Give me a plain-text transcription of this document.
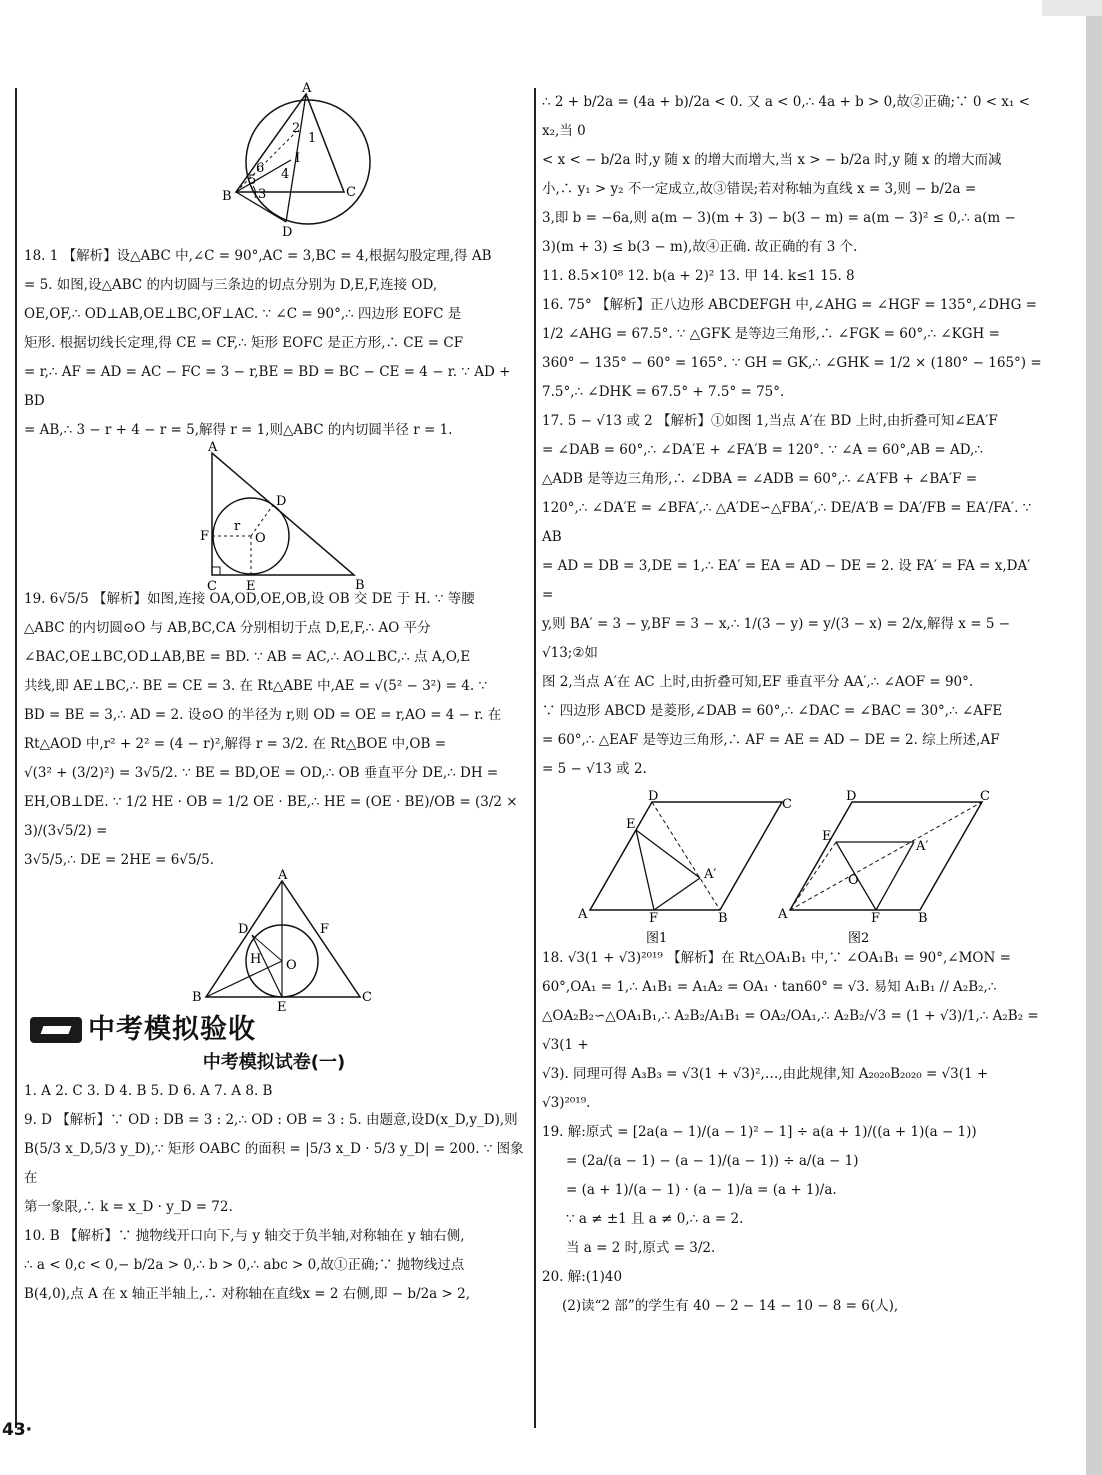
A
B	C
D
I
1
2
3
4
5
6

18. 1 【解析】设△ABC 中,∠C = 90°,AC = 3,BC = 4,根据勾股定理,得 AB

= 5. 如图,设△ABC 的内切圆与三条边的切点分别为 D,E,F,连接 OD,

OE,OF,∴ OD⊥AB,OE⊥BC,OF⊥AC. ∵ ∠C = 90°,∴ 四边形 EOFC 是

矩形. 根据切线长定理,得 CE = CF,∴ 矩形 EOFC 是正方形,∴ CE = CF

= r,∴ AF = AD = AC − FC = 3 − r,BE = BD = BC − CE = 4 − r. ∵ AD + BD

= AB,∴ 3 − r + 4 − r = 5,解得 r = 1,则△ABC 的内切圆半径 r = 1.

A
B
C
D
E
F	O
r

19. 6√5/5 【解析】如图,连接 OA,OD,OE,OB,设 OB 交 DE 于 H. ∵ 等腰

△ABC 的内切圆⊙O 与 AB,BC,CA 分别相切于点 D,E,F,∴ AO 平分

∠BAC,OE⊥BC,OD⊥AB,BE = BD. ∵ AB = AC,∴ AO⊥BC,∴ 点 A,O,E

共线,即 AE⊥BC,∴ BE = CE = 3. 在 Rt△ABE 中,AE = √(5² − 3²) = 4. ∵

BD = BE = 3,∴ AD = 2. 设⊙O 的半径为 r,则 OD = OE = r,AO = 4 − r. 在

Rt△AOD 中,r² + 2² = (4 − r)²,解得 r = 3/2. 在 Rt△BOE 中,OB =

√(3² + (3/2)²) = 3√5/2. ∵ BE = BD,OE = OD,∴ OB 垂直平分 DE,∴ DH =

EH,OB⊥DE. ∵ 1/2 HE · OB = 1/2 OE · BE,∴ HE = (OE · BE)/OB = (3/2 × 3)/(3√5/2) =

3√5/5,∴ DE = 2HE = 6√5/5.

A
B	C
D
E
F
H O
中考模拟验收

中考模拟试卷(一)

1. A 2. C 3. D 4. B 5. D 6. A 7. A 8. B

9. D 【解析】∵ OD : DB = 3 : 2,∴ OD : OB = 3 : 5. 由题意,设D(x_D,y_D),则

B(5/3 x_D,5/3 y_D),∵ 矩形 OABC 的面积 = |5/3 x_D · 5/3 y_D| = 200. ∵ 图象在

第一象限,∴ k = x_D · y_D = 72.

10. B 【解析】∵ 抛物线开口向下,与 y 轴交于负半轴,对称轴在 y 轴右侧,

∴ a < 0,c < 0,− b/2a > 0,∴ b > 0,∴ abc > 0,故①正确;∵ 抛物线过点

B(4,0),点 A 在 x 轴正半轴上,∴ 对称轴在直线x = 2 右侧,即 − b/2a > 2,

∴ 2 + b/2a = (4a + b)/2a < 0. 又 a < 0,∴ 4a + b > 0,故②正确;∵ 0 < x₁ < x₂,当 0

< x < − b/2a 时,y 随 x 的增大而增大,当 x > − b/2a 时,y 随 x 的增大而减

小,∴ y₁ > y₂ 不一定成立,故③错误;若对称轴为直线 x = 3,则 − b/2a =

3,即 b = −6a,则 a(m − 3)(m + 3) − b(3 − m) = a(m − 3)² ≤ 0,∴ a(m −

3)(m + 3) ≤ b(3 − m),故④正确. 故正确的有 3 个.

11. 8.5×10⁸ 12. b(a + 2)² 13. 甲 14. k≤1 15. 8

16. 75° 【解析】正八边形 ABCDEFGH 中,∠AHG = ∠HGF = 135°,∠DHG =

1/2 ∠AHG = 67.5°. ∵ △GFK 是等边三角形,∴ ∠FGK = 60°,∴ ∠KGH =

360° − 135° − 60° = 165°. ∵ GH = GK,∴ ∠GHK = 1/2 × (180° − 165°) =

7.5°,∴ ∠DHK = 67.5° + 7.5° = 75°.

17. 5 − √13 或 2 【解析】①如图 1,当点 A′在 BD 上时,由折叠可知∠EA′F

= ∠DAB = 60°,∴ ∠DA′E + ∠FA′B = 120°. ∵ ∠A = 60°,AB = AD,∴

△ADB 是等边三角形,∴ ∠DBA = ∠ADB = 60°,∴ ∠A′FB + ∠BA′F =

120°,∴ ∠DA′E = ∠BFA′,∴ △A′DE∽△FBA′,∴ DE/A′B = DA′/FB = EA′/FA′. ∵ AB

= AD = DB = 3,DE = 1,∴ EA′ = EA = AD − DE = 2. 设 FA′ = FA = x,DA′ =

y,则 BA′ = 3 − y,BF = 3 − x,∴ 1/(3 − y) = y/(3 − x) = 2/x,解得 x = 5 − √13;②如

图 2,当点 A′在 AC 上时,由折叠可知,EF 垂直平分 AA′,∴ ∠AOF = 90°.

∵ 四边形 ABCD 是菱形,∠DAB = 60°,∴ ∠DAC = ∠BAC = 30°,∴ ∠AFE

= 60°,∴ △EAF 是等边三角形,∴ AF = AE = AD − DE = 2. 综上所述,AF

= 5 − √13 或 2.

A	B
C
D
E
F
A′
图1
A	B
C
D
E
F
A′
O
图2

18. √3(1 + √3)²⁰¹⁹ 【解析】在 Rt△OA₁B₁ 中,∵ ∠OA₁B₁ = 90°,∠MON =

60°,OA₁ = 1,∴ A₁B₁ = A₁A₂ = OA₁ · tan60° = √3. 易知 A₁B₁ // A₂B₂,∴

△OA₂B₂∽△OA₁B₁,∴ A₂B₂/A₁B₁ = OA₂/OA₁,∴ A₂B₂/√3 = (1 + √3)/1,∴ A₂B₂ = √3(1 +

√3). 同理可得 A₃B₃ = √3(1 + √3)²,…,由此规律,知 A₂₀₂₀B₂₀₂₀ = √3(1 +

√3)²⁰¹⁹.

19. 解:原式 = [2a(a − 1)/(a − 1)² − 1] ÷ a(a + 1)/((a + 1)(a − 1))

= (2a/(a − 1) − (a − 1)/(a − 1)) ÷ a/(a − 1)

= (a + 1)/(a − 1) · (a − 1)/a = (a + 1)/a.

∵ a ≠ ±1 且 a ≠ 0,∴ a = 2.

当 a = 2 时,原式 = 3/2.

20. 解:(1)40

(2)读“2 部”的学生有 40 − 2 − 14 − 10 − 8 = 6(人),

43·
